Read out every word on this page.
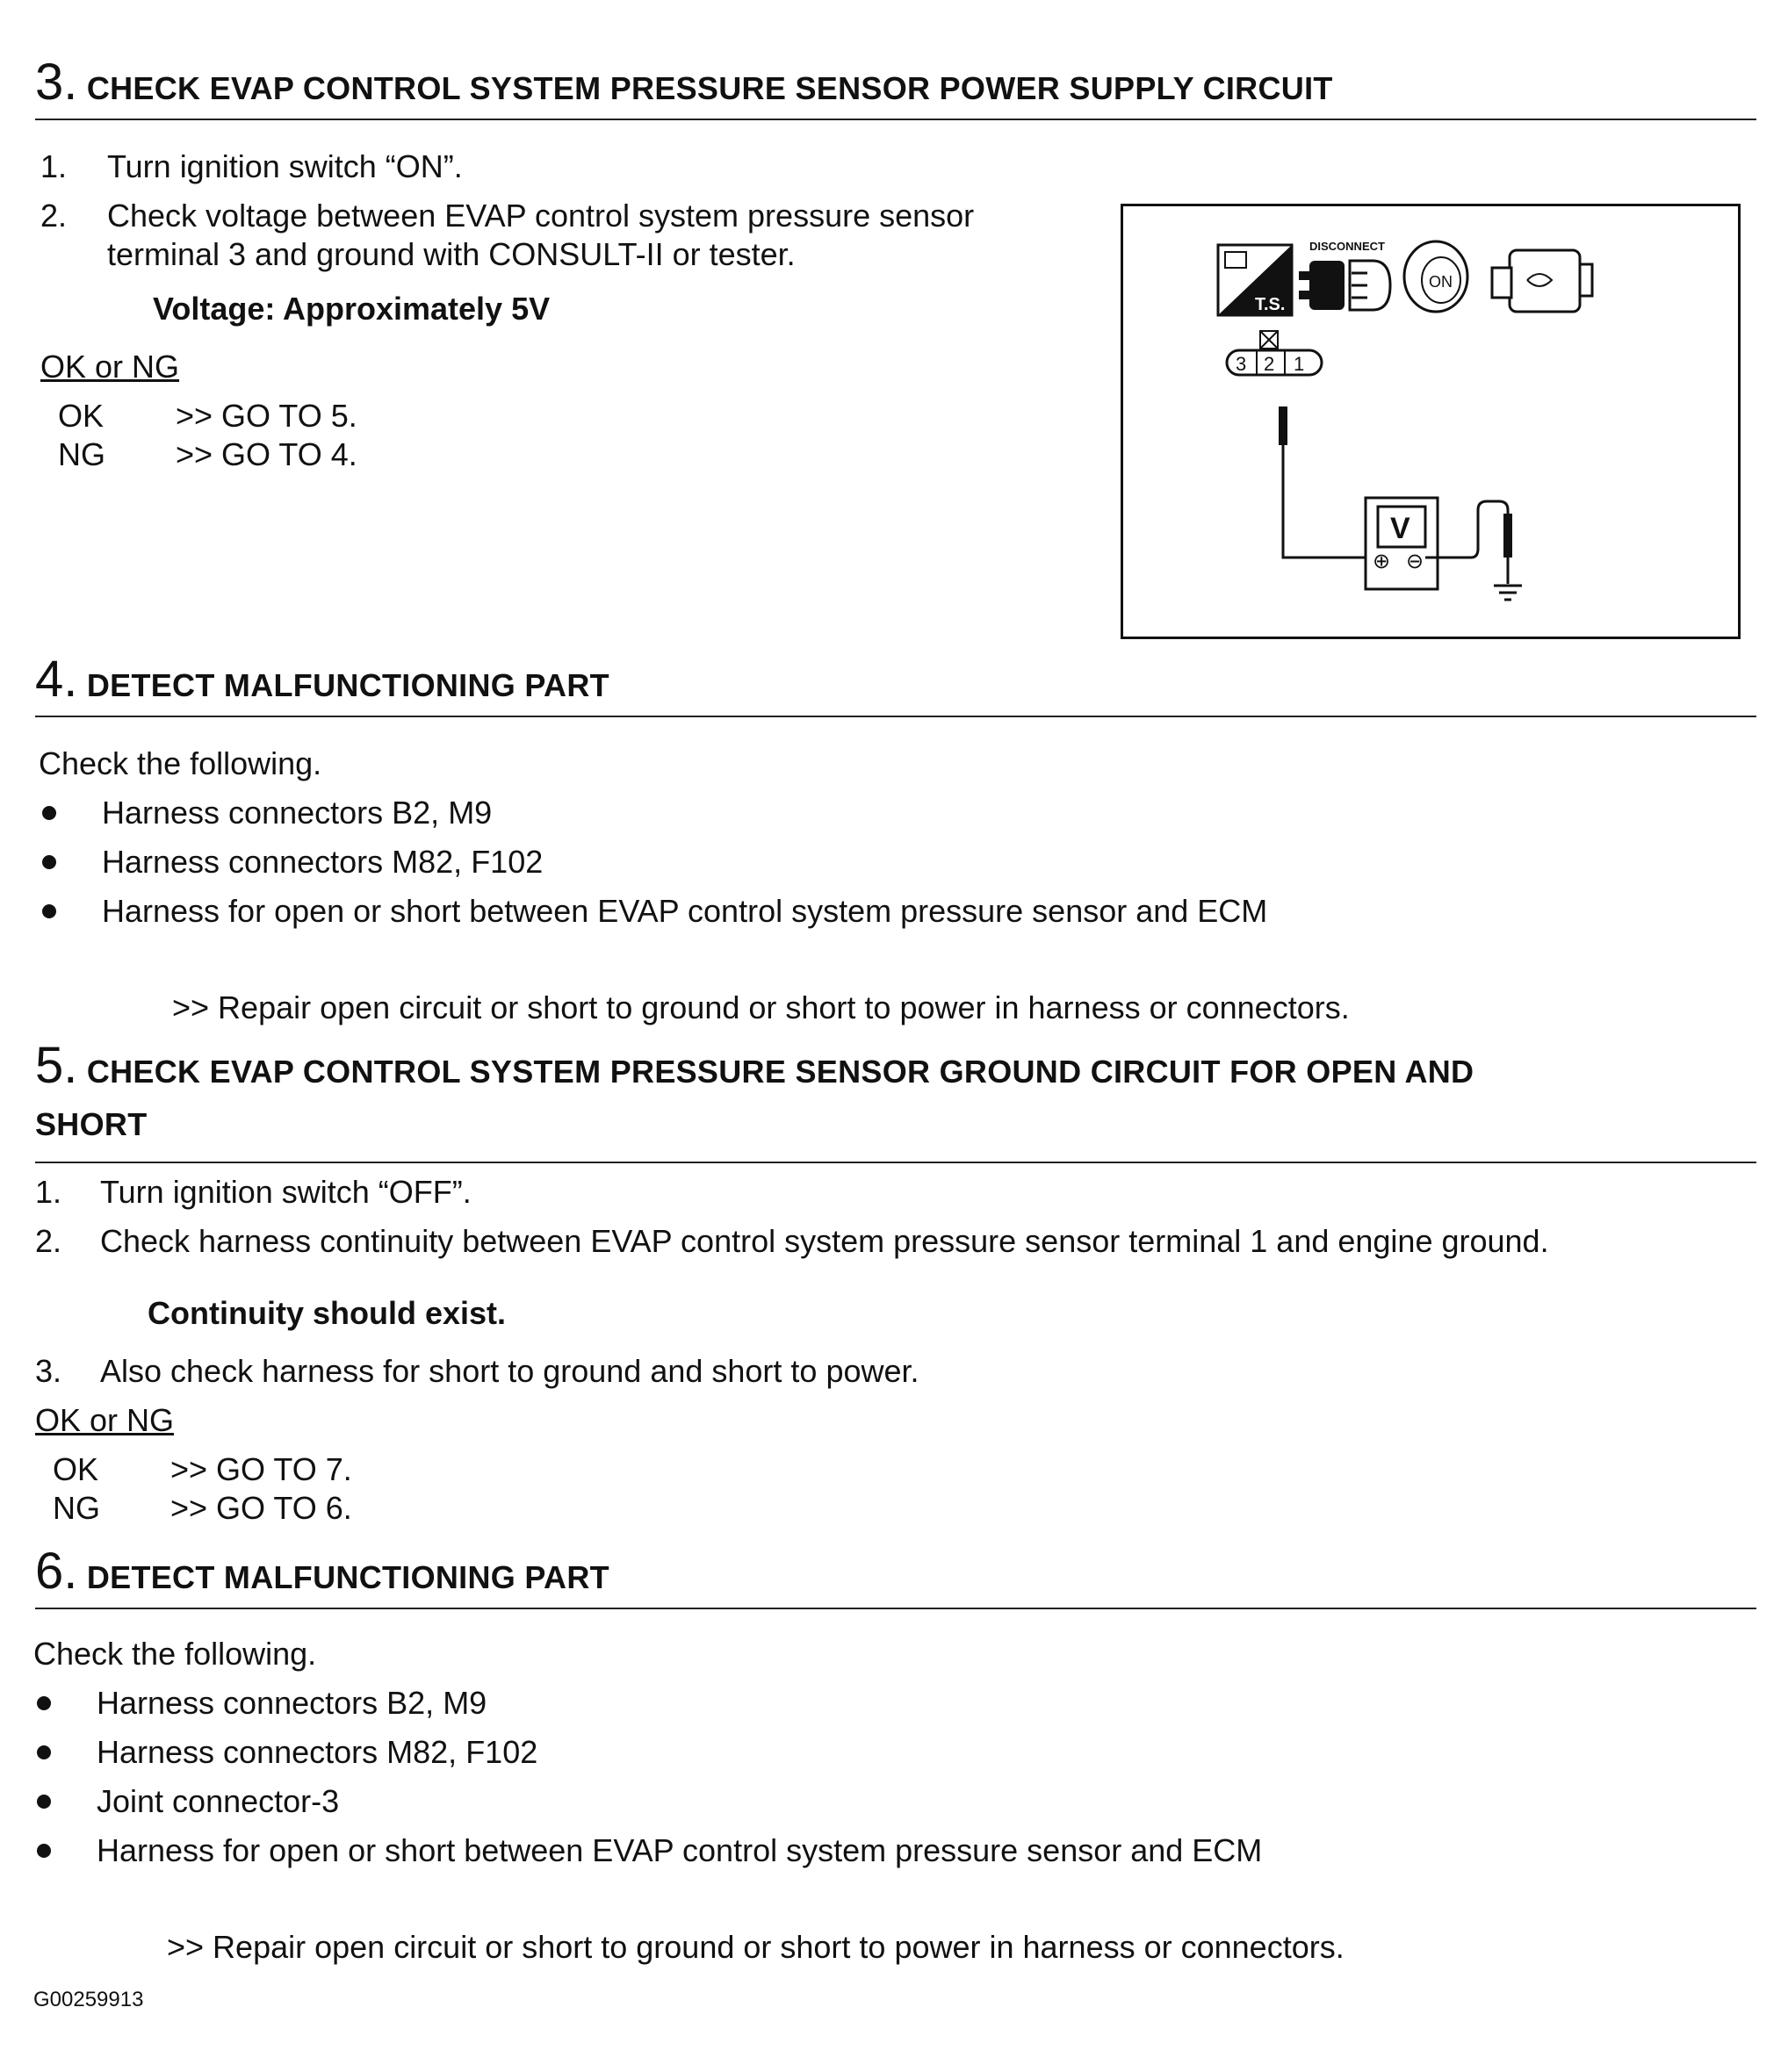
3. CHECK EVAP CONTROL SYSTEM PRESSURE SENSOR POWER SUPPLY CIRCUIT
1. Turn ignition switch “ON”.
2. Check voltage between EVAP control system pressure sensor
terminal 3 and ground with CONSULT-II or tester.
Voltage: Approximately 5V
OK or NG
OK >> GO TO 5.
NG >> GO TO 4.
T.S.
DISCONNECT
ON
3 2 1
V
⊕ ⊖
4. DETECT MALFUNCTIONING PART
Check the following.
Harness connectors B2, M9
Harness connectors M82, F102
Harness for open or short between EVAP control system pressure sensor and ECM
>> Repair open circuit or short to ground or short to power in harness or connectors.
5. CHECK EVAP CONTROL SYSTEM PRESSURE SENSOR GROUND CIRCUIT FOR OPEN AND
SHORT
1. Turn ignition switch “OFF”.
2. Check harness continuity between EVAP control system pressure sensor terminal 1 and engine ground.
Continuity should exist.
3. Also check harness for short to ground and short to power.
OK or NG
OK >> GO TO 7.
NG >> GO TO 6.
6. DETECT MALFUNCTIONING PART
Check the following.
Harness connectors B2, M9
Harness connectors M82, F102
Joint connector-3
Harness for open or short between EVAP control system pressure sensor and ECM
>> Repair open circuit or short to ground or short to power in harness or connectors.
G00259913
